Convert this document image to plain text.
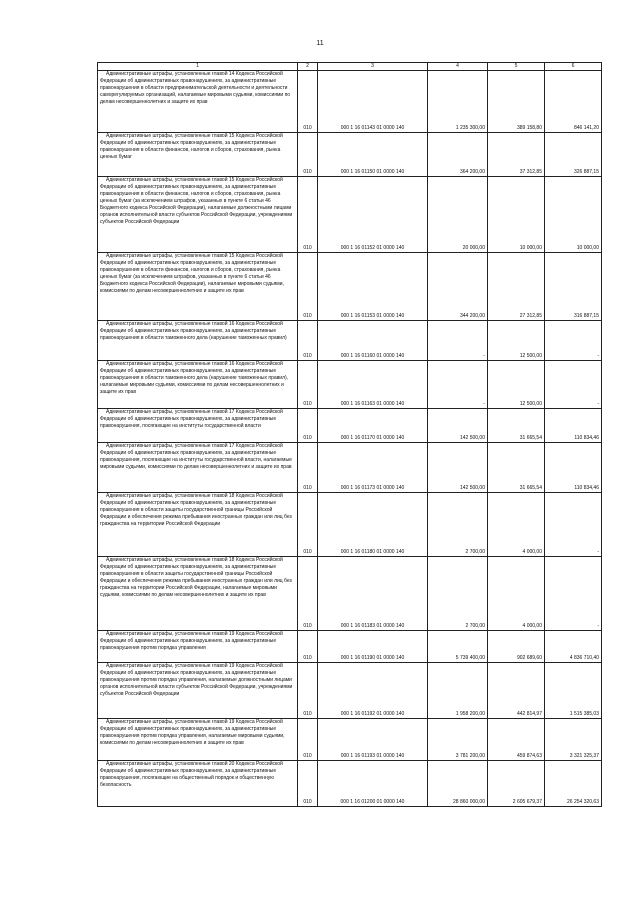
11
1	2	3	4	5	6

Административные штрафы, установленные главой 14 Кодекса Российской Федерации об административных правонарушениях, за административные правонарушения в области предпринимательской деятельности и деятельности саморегулируемых организаций, налагаемые мировыми судьями, комиссиями по делам несовершеннолетних и защите их прав	010	000 1 16 01143 01 0000 140	1 235 300,00	389 158,80	846 141,20

Административные штрафы, установленные главой 15 Кодекса Российской Федерации об административных правонарушениях, за административные правонарушения в области финансов, налогов и сборов, страхования, рынка ценных бумаг	010	000 1 16 01150 01 0000 140	364 200,00	37 312,85	326 887,15

Административные штрафы, установленные главой 15 Кодекса Российской Федерации об административных правонарушениях, за административные правонарушения в области финансов, налогов и сборов, страхования, рынка ценных бумаг (за исключением штрафов, указанных в пункте 6 статьи 46 Бюджетного кодекса Российской Федерации), налагаемые должностными лицами органов исполнительной власти субъектов Российской Федерации, учреждениями субъектов Российской Федерации	010	000 1 16 01152 01 0000 140	20 000,00	10 000,00	10 000,00

Административные штрафы, установленные главой 15 Кодекса Российской Федерации об административных правонарушениях, за административные правонарушения в области финансов, налогов и сборов, страхования, рынка ценных бумаг (за исключением штрафов, указанных в пункте 6 статьи 46 Бюджетного кодекса Российской Федерации), налагаемые мировыми судьями, комиссиями по делам несовершеннолетних и защите их прав	010	000 1 16 01153 01 0000 140	344 200,00	27 312,85	316 887,15

Административные штрафы, установленные главой 16 Кодекса Российской Федерации об административных правонарушениях, за административные правонарушения в области таможенного дела (нарушение таможенных правил)	010	000 1 16 01160 01 0000 140	-	12 500,00	-

Административные штрафы, установленные главой 16 Кодекса Российской Федерации об административных правонарушениях, за административные правонарушения в области таможенного дела (нарушение таможенных правил), налагаемые мировыми судьями, комиссиями по делам несовершеннолетних и защите их прав	010	000 1 16 01163 01 0000 140	-	12 500,00	-

Административные штрафы, установленные главой 17 Кодекса Российской Федерации об административных правонарушениях, за административные правонарушения, посягающие на институты государственной власти	010	000 1 16 01170 01 0000 140	142 500,00	31 665,54	110 834,46

Административные штрафы, установленные главой 17 Кодекса Российской Федерации об административных правонарушениях, за административные правонарушения, посягающие на институты государственной власти, налагаемые мировыми судьями, комиссиями по делам несовершеннолетних и защите их прав	010	000 1 16 01173 01 0000 140	142 500,00	31 665,54	110 834,46

Административные штрафы, установленные главой 18 Кодекса Российской Федерации об административных правонарушениях, за административные правонарушения в области защиты государственной границы Российской Федерации и обеспечения режима пребывания иностранных граждан или лиц без гражданства на территории Российской Федерации	010	000 1 16 01180 01 0000 140	2 700,00	4 000,00	-

Административные штрафы, установленные главой 18 Кодекса Российской Федерации об административных правонарушениях, за административные правонарушения в области защиты государственной границы Российской Федерации и обеспечения режима пребывания иностранных граждан или лиц без гражданства на территории Российской Федерации, налагаемые мировыми судьями, комиссиями по делам несовершеннолетних и защите их прав	010	000 1 16 01183 01 0000 140	2 700,00	4 000,00	-

Административные штрафы, установленные главой 19 Кодекса Российской Федерации об административных правонарушениях, за административные правонарушения против порядка управления	010	000 1 16 01190 01 0000 140	5 739 400,00	902 689,60	4 836 710,40

Административные штрафы, установленные главой 19 Кодекса Российской Федерации об административных правонарушениях, за административные правонарушения против порядка управления, налагаемые должностными лицами органов исполнительной власти субъектов Российской Федерации, учреждениями субъектов Российской Федерации	010	000 1 16 01192 01 0000 140	1 958 200,00	442 814,97	1 515 385,03

Административные штрафы, установленные главой 19 Кодекса Российской Федерации об административных правонарушениях, за административные правонарушения против порядка управления, налагаемые мировыми судьями, комиссиями по делам несовершеннолетних и защите их прав	010	000 1 16 01193 01 0000 140	3 781 200,00	459 874,63	3 321 325,37

Административные штрафы, установленные главой 20 Кодекса Российской Федерации об административных правонарушениях, за административные правонарушения, посягающие на общественный порядок и общественную безопасность	010	000 1 16 01200 01 0000 140	28 860 000,00	2 605 679,37	26 254 320,63
